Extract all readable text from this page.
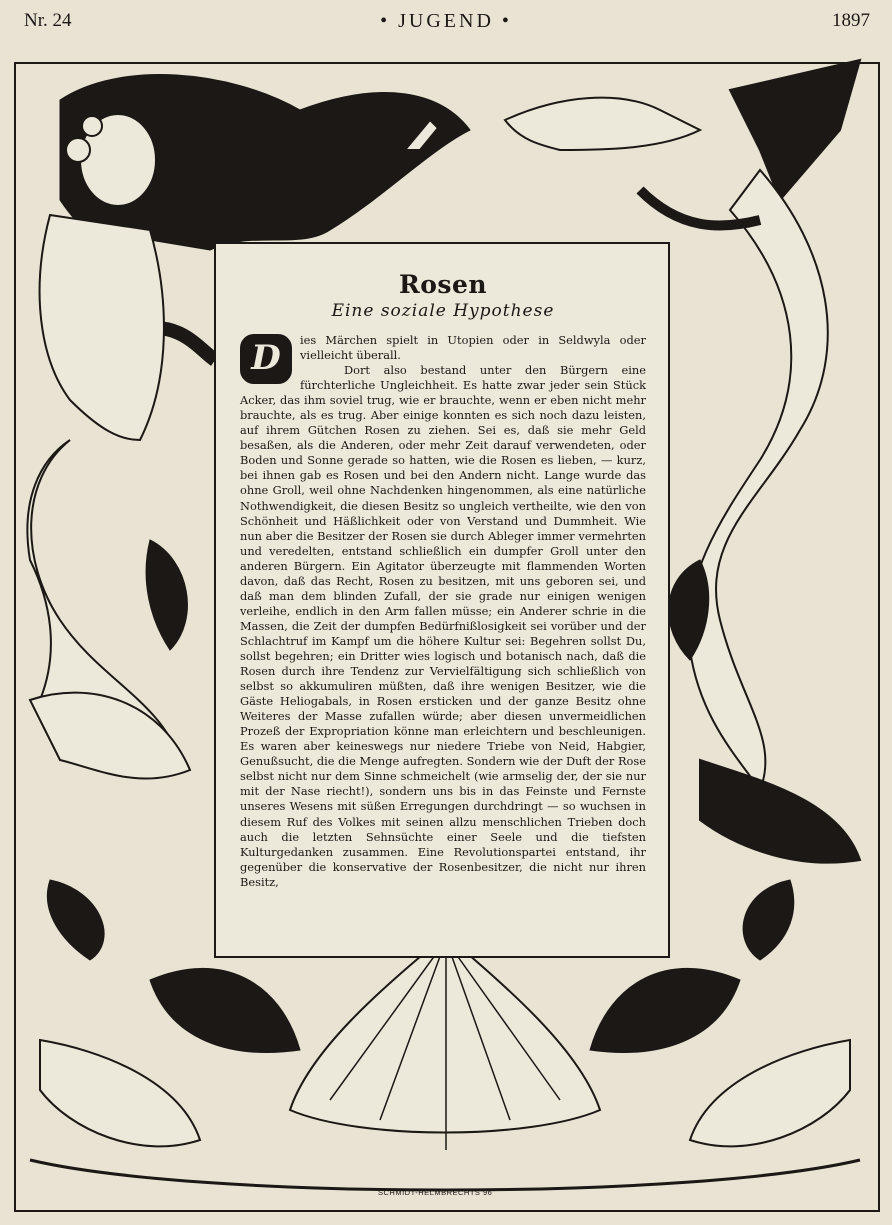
Nr. 24	• JUGEND •	1897
Rosen
Eine soziale Hypothese
D	ies Märchen spielt in Utopien oder in Seldwyla oder vielleicht überall.
Dort also bestand unter den Bürgern eine fürchterliche Ungleichheit. Es hatte zwar jeder sein Stück Acker, das ihm soviel trug, wie er brauchte, wenn er eben nicht mehr brauchte, als es trug. Aber einige konnten es sich noch dazu leisten, auf ihrem Gütchen Rosen zu ziehen. Sei es, daß sie mehr Geld besaßen, als die Anderen, oder mehr Zeit darauf verwendeten, oder Boden und Sonne gerade so hatten, wie die Rosen es lieben, — kurz, bei ihnen gab es Rosen und bei den Andern nicht. Lange wurde das ohne Groll, weil ohne Nachdenken hingenommen, als eine natürliche Nothwendigkeit, die diesen Besitz so ungleich vertheilte, wie den von Schönheit und Häßlichkeit oder von Verstand und Dummheit. Wie nun aber die Besitzer der Rosen sie durch Ableger immer vermehrten und veredelten, entstand schließlich ein dumpfer Groll unter den anderen Bürgern. Ein Agitator überzeugte mit flammenden Worten davon, daß das Recht, Rosen zu besitzen, mit uns geboren sei, und daß man dem blinden Zufall, der sie grade nur einigen wenigen verleihe, endlich in den Arm fallen müsse; ein Anderer schrie in die Massen, die Zeit der dumpfen Bedürfnißlosigkeit sei vorüber und der Schlachtruf im Kampf um die höhere Kultur sei: Begehren sollst Du, sollst begehren; ein Dritter wies logisch und botanisch nach, daß die Rosen durch ihre Tendenz zur Vervielfältigung sich schließlich von selbst so akkumuliren müßten, daß ihre wenigen Besitzer, wie die Gäste Heliogabals, in Rosen ersticken und der ganze Besitz ohne Weiteres der Masse zufallen würde; aber diesen unvermeidlichen Prozeß der Expropriation könne man erleichtern und beschleunigen. Es waren aber keineswegs nur niedere Triebe von Neid, Habgier, Genußsucht, die die Menge aufregten. Sondern wie der Duft der Rose selbst nicht nur dem Sinne schmeichelt (wie armselig der, der sie nur mit der Nase riecht!), sondern uns bis in das Feinste und Fernste unseres Wesens mit süßen Erregungen durchdringt — so wuchsen in diesem Ruf des Volkes mit seinen allzu menschlichen Trieben doch auch die letzten Sehnsüchte einer Seele und die tiefsten Kulturgedanken zusammen. Eine Revolutionspartei entstand, ihr gegenüber die konservative der Rosenbesitzer, die nicht nur ihren Besitz,
SCHMIDT-HELMBRECHTS 96
